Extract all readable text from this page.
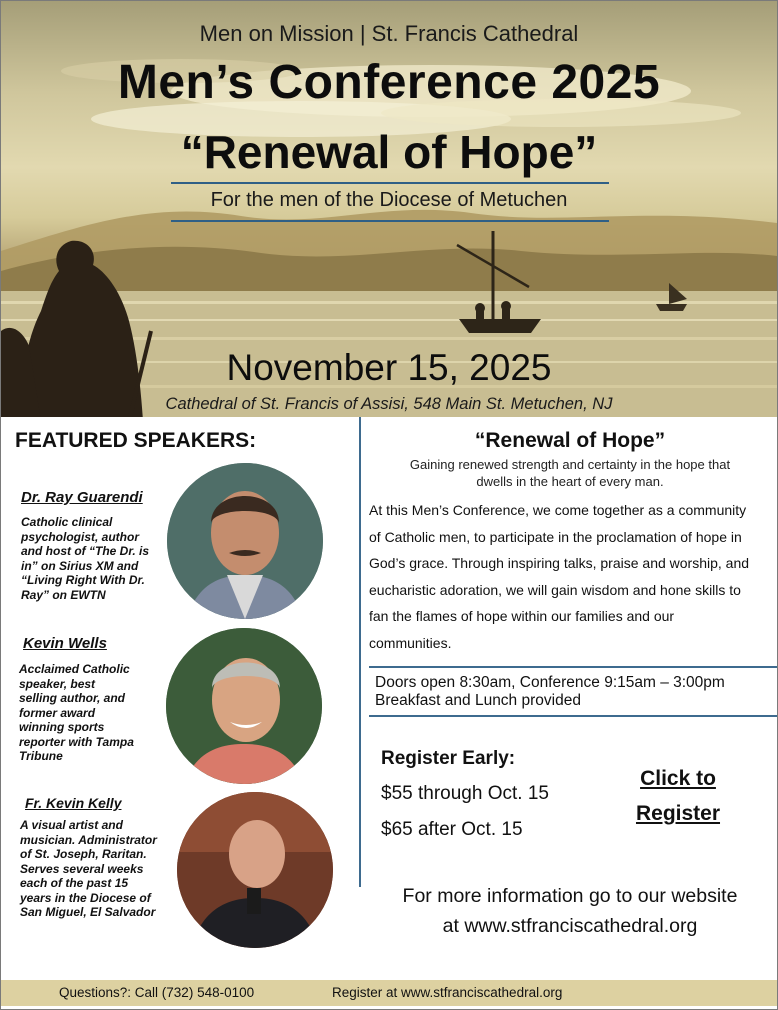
Men on Mission | St. Francis Cathedral
Men’s Conference 2025
“Renewal of Hope”
For the men of the Diocese of Metuchen
November 15, 2025
Cathedral of St. Francis of Assisi, 548 Main St. Metuchen, NJ
FEATURED SPEAKERS:
Dr. Ray Guarendi
Catholic clinical
psychologist, author
and host of “The Dr. is
in” on Sirius XM and
“Living Right With Dr.
Ray” on EWTN
Kevin Wells
Acclaimed Catholic
speaker, best
selling author, and
former award
winning sports
reporter with Tampa
Tribune
Fr. Kevin Kelly
A visual artist and
musician. Administrator
of St. Joseph, Raritan.
Serves several weeks
each of the past 15
years in the Diocese of
San Miguel, El Salvador
“Renewal of Hope”
Gaining renewed strength and certainty in the hope that
dwells in the heart of every man.
At this Men’s Conference, we come together as a community
of Catholic men, to participate in the proclamation of hope in
God’s grace. Through inspiring talks, praise and worship, and
eucharistic adoration, we will gain wisdom and hone skills to
fan the flames of hope within our families and our
communities.
Doors open 8:30am, Conference 9:15am – 3:00pm
Breakfast and Lunch provided
Register Early:
$55 through Oct. 15
$65 after Oct. 15
Click to
Register
For more information go to our website
at www.stfranciscathedral.org
Questions?: Call (732) 548-0100	Register at www.stfranciscathedral.org
